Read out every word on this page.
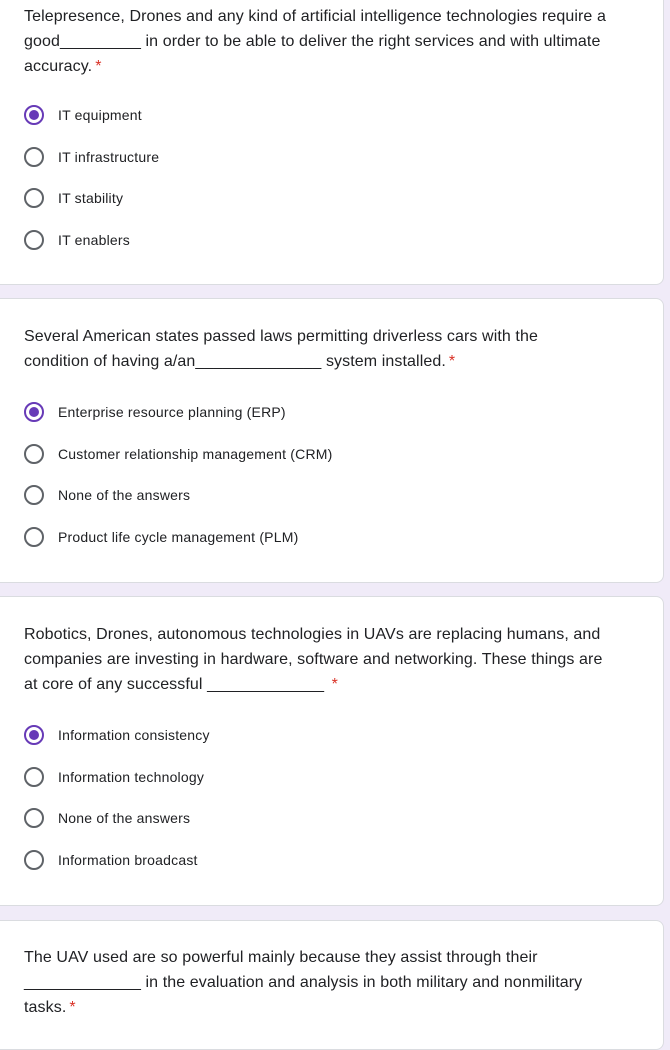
Telepresence, Drones and any kind of artificial intelligence technologies require a
good_________ in order to be able to deliver the right services and with ultimate
accuracy. *

IT equipment
IT infrastructure
IT stability
IT enablers

Several American states passed laws permitting driverless cars with the
condition of having a/an______________ system installed. *

Enterprise resource planning (ERP)
Customer relationship management (CRM)
None of the answers
Product life cycle management (PLM)

Robotics, Drones, autonomous technologies in UAVs are replacing humans, and
companies are investing in hardware, software and networking. These things are
at core of any successful _____________ *

Information consistency
Information technology
None of the answers
Information broadcast

The UAV used are so powerful mainly because they assist through their
_____________ in the evaluation and analysis in both military and nonmilitary
tasks. *
